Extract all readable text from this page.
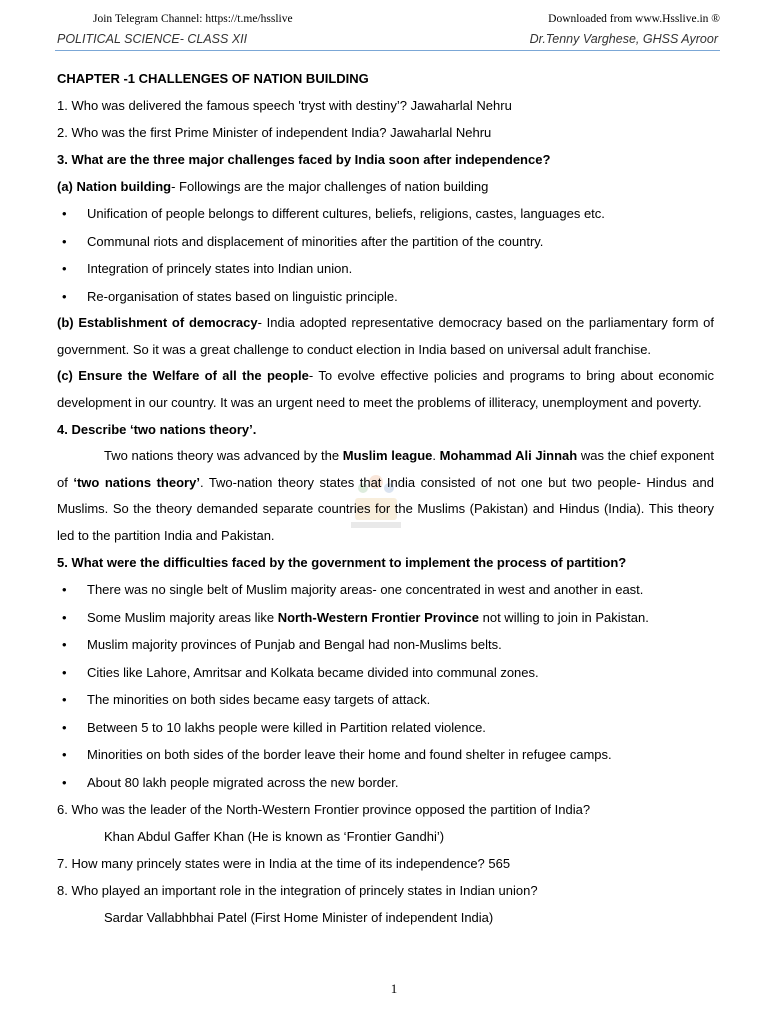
Join Telegram Channel: https://t.me/hsslive	Downloaded from www.Hsslive.in ®
POLITICAL SCIENCE- CLASS XII	Dr.Tenny Varghese, GHSS Ayroor
CHAPTER -1 CHALLENGES OF NATION BUILDING
1. Who was delivered the famous speech 'tryst with destiny’? Jawaharlal Nehru
2. Who was the first Prime Minister of independent India? Jawaharlal Nehru
3. What are the three major challenges faced by India soon after independence?
(a) Nation building- Followings are the major challenges of nation building
• Unification of people belongs to different cultures, beliefs, religions, castes, languages etc.
• Communal riots and displacement of minorities after the partition of the country.
• Integration of princely states into Indian union.
• Re-organisation of states based on linguistic principle.
(b) Establishment of democracy- India adopted representative democracy based on the parliamentary form of government. So it was a great challenge to conduct election in India based on universal adult franchise.
(c) Ensure the Welfare of all the people- To evolve effective policies and programs to bring about economic development in our country. It was an urgent need to meet the problems of illiteracy, unemployment and poverty.
4. Describe ‘two nations theory’.
Two nations theory was advanced by the Muslim league. Mohammad Ali Jinnah was the chief exponent of ‘two nations theory’. Two-nation theory states that India consisted of not one but two people- Hindus and Muslims. So the theory demanded separate countries for the Muslims (Pakistan) and Hindus (India). This theory led to the partition India and Pakistan.
5. What were the difficulties faced by the government to implement the process of partition?
• There was no single belt of Muslim majority areas- one concentrated in west and another in east.
• Some Muslim majority areas like North-Western Frontier Province not willing to join in Pakistan.
• Muslim majority provinces of Punjab and Bengal had non-Muslims belts.
• Cities like Lahore, Amritsar and Kolkata became divided into communal zones.
• The minorities on both sides became easy targets of attack.
• Between 5 to 10 lakhs people were killed in Partition related violence.
• Minorities on both sides of the border leave their home and found shelter in refugee camps.
• About 80 lakh people migrated across the new border.
6. Who was the leader of the North-Western Frontier province opposed the partition of India?
Khan Abdul Gaffer Khan (He is known as ‘Frontier Gandhi’)
7. How many princely states were in India at the time of its independence? 565
8. Who played an important role in the integration of princely states in Indian union?
Sardar Vallabhbhai Patel (First Home Minister of independent India)
1
